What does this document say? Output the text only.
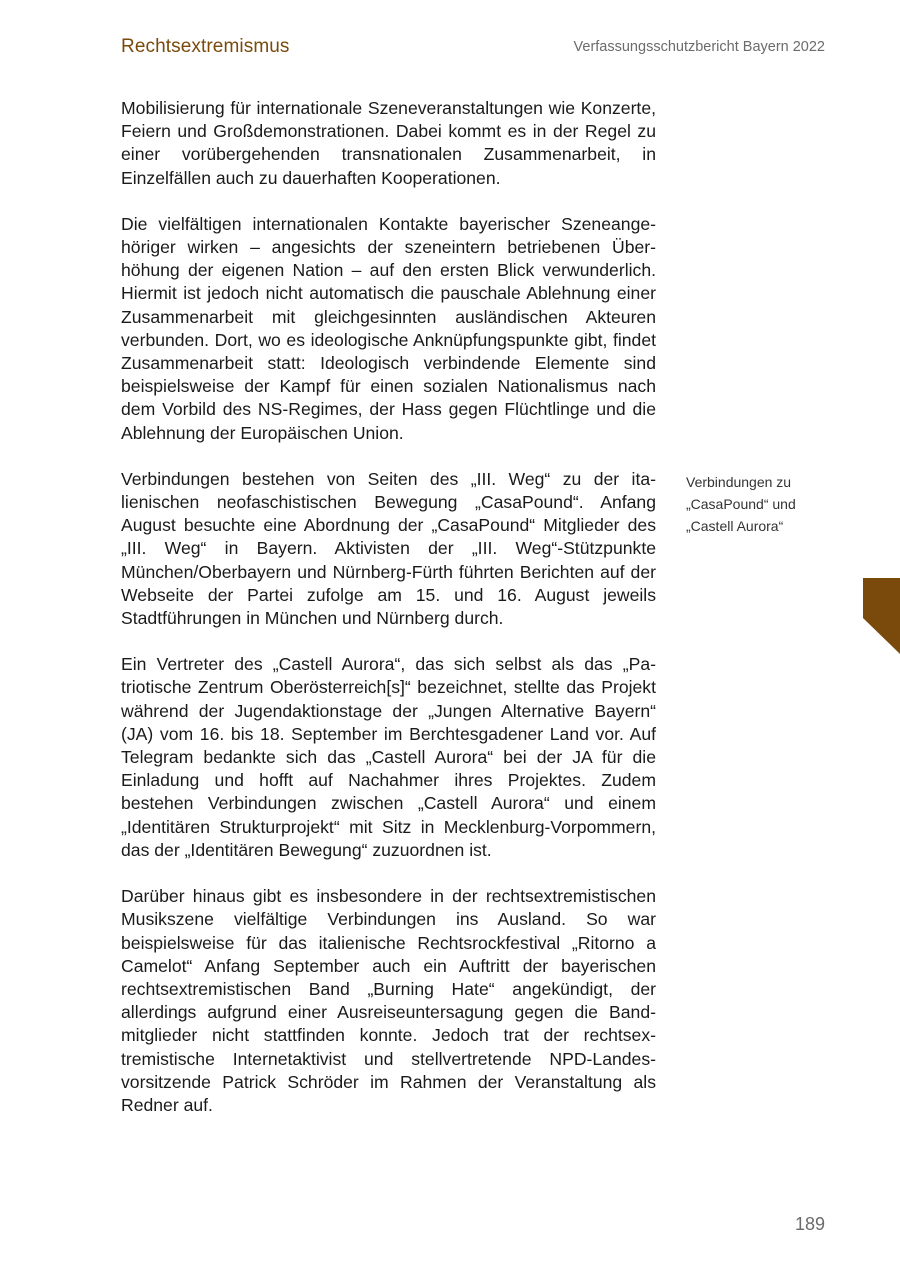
Rechtsextremismus	Verfassungsschutzbericht Bayern 2022

Mobilisierung für internationale Szeneveranstaltungen wie Konzerte, Feiern und Großdemonstrationen. Dabei kommt es in der Regel zu einer vorübergehenden transnationalen Zusammenarbeit, in Einzelfällen auch zu dauerhaften Kooperationen.

Die vielfältigen internationalen Kontakte bayerischer Szeneangehöriger wirken – angesichts der szeneintern betriebenen Überhöhung der eigenen Nation – auf den ersten Blick verwunderlich. Hiermit ist jedoch nicht automatisch die pauschale Ablehnung einer Zusammenarbeit mit gleichgesinnten ausländischen Akteuren verbunden. Dort, wo es ideologische Anknüpfungspunkte gibt, findet Zusammenarbeit statt: Ideologisch verbindende Elemente sind beispielsweise der Kampf für einen sozialen Nationalismus nach dem Vorbild des NS-Regimes, der Hass gegen Flüchtlinge und die Ablehnung der Europäischen Union.

Verbindungen bestehen von Seiten des „III. Weg“ zu der italienischen neofaschistischen Bewegung „CasaPound“. Anfang August besuchte eine Abordnung der „CasaPound“ Mitglieder des „III. Weg“ in Bayern. Aktivisten der „III. Weg“-Stützpunkte München/Oberbayern und Nürnberg-Fürth führten Berichten auf der Webseite der Partei zufolge am 15. und 16. August jeweils Stadtführungen in München und Nürnberg durch.

Ein Vertreter des „Castell Aurora“, das sich selbst als das „Patriotische Zentrum Oberösterreich[s]“ bezeichnet, stellte das Projekt während der Jugendaktionstage der „Jungen Alternative Bayern“ (JA) vom 16. bis 18. September im Berchtesgadener Land vor. Auf Telegram bedankte sich das „Castell Aurora“ bei der JA für die Einladung und hofft auf Nachahmer ihres Projektes. Zudem bestehen Verbindungen zwischen „Castell Aurora“ und einem „Identitären Strukturprojekt“ mit Sitz in Mecklenburg-Vorpommern, das der „Identitären Bewegung“ zuzuordnen ist.

Darüber hinaus gibt es insbesondere in der rechtsextremistischen Musikszene vielfältige Verbindungen ins Ausland. So war beispielsweise für das italienische Rechtsrockfestival „Ritorno a Camelot“ Anfang September auch ein Auftritt der bayerischen rechtsextremistischen Band „Burning Hate“ angekündigt, der allerdings aufgrund einer Ausreiseuntersagung gegen die Bandmitglieder nicht stattfinden konnte. Jedoch trat der rechtsextremistische Internetaktivist und stellvertretende NPD-Landesvorsitzende Patrick Schröder im Rahmen der Veranstaltung als Redner auf.

Verbindungen zu
„CasaPound“ und
„Castell Aurora“
189
